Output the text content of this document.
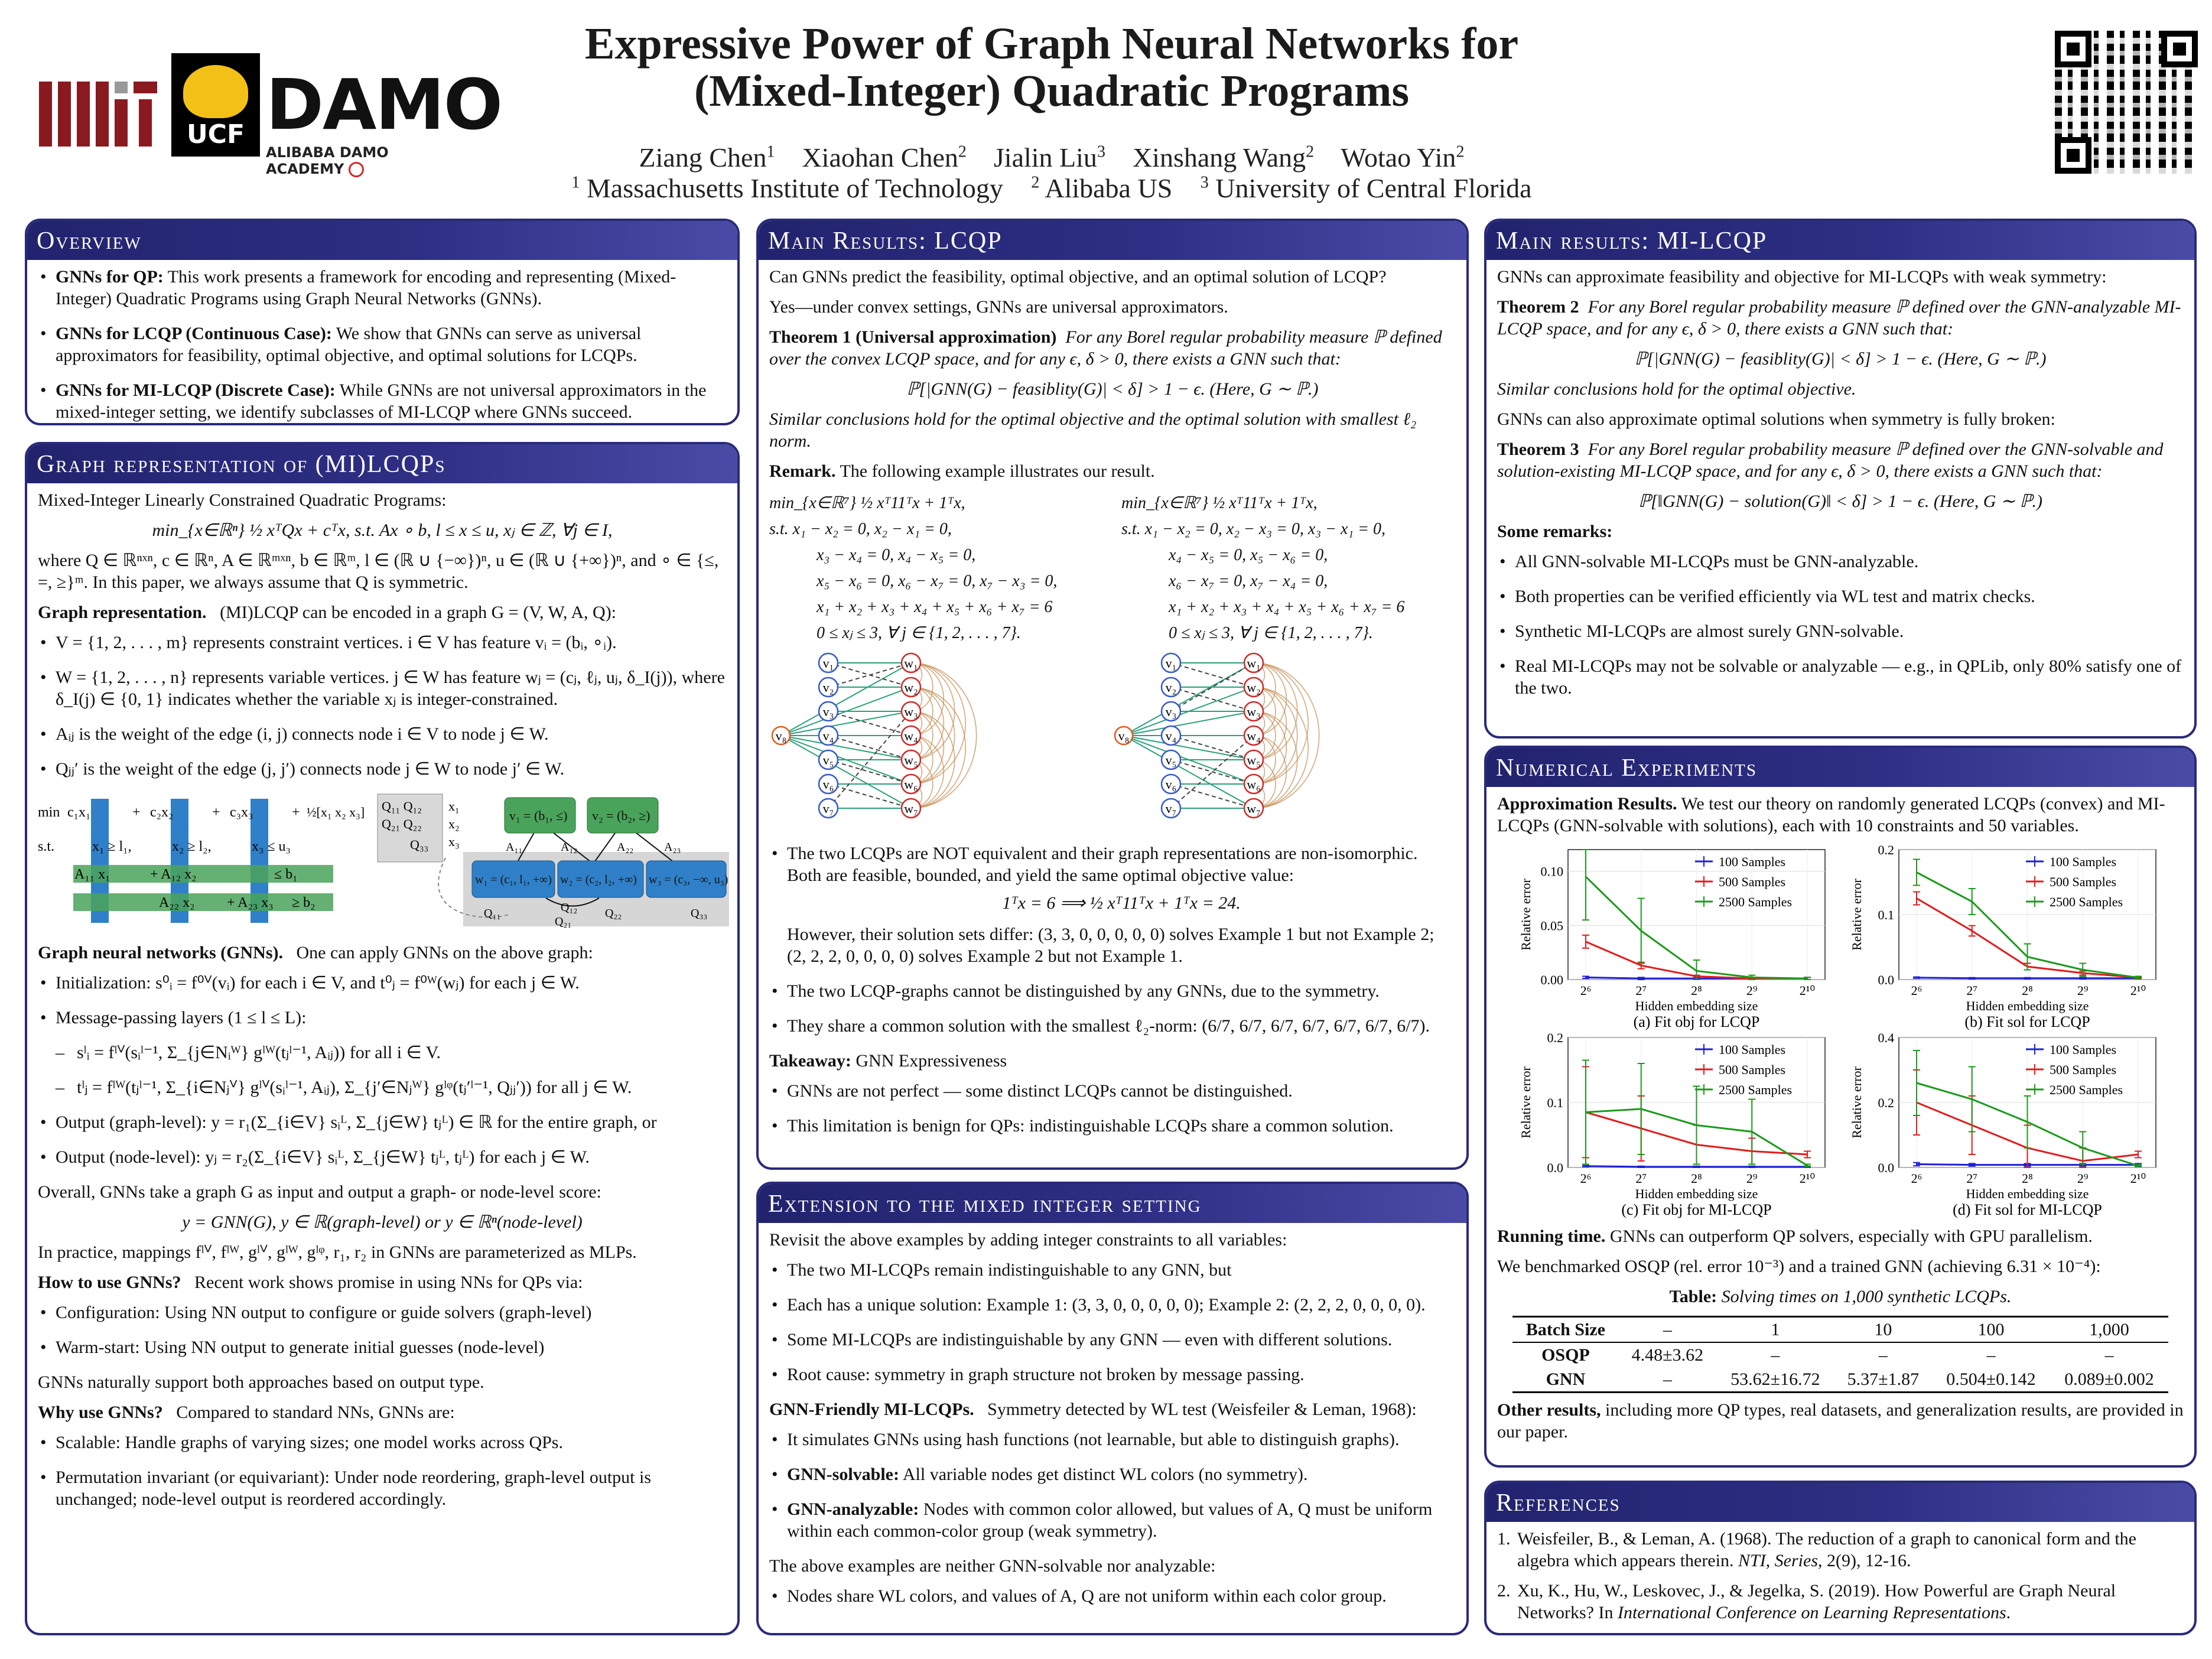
UCF DAMO
ALIBABA DAMO ACADEMY
Expressive Power of Graph Neural Networks for
(Mixed-Integer) Quadratic Programs
Ziang Chen$^1$ Xiaohan Chen$^2$ Jialin Liu$^3$ Xinshang Wang$^2$ Wotao Yin$^2$
$^1$ Massachusetts Institute of Technology $^2$ Alibaba US $^3$ University of Central Florida
Overview
• GNNs for QP: This work presents a framework for encoding and representing (Mixed-Integer) Quadratic Programs using Graph Neural Networks (GNNs).
• GNNs for LCQP (Continuous Case): We show that GNNs can serve as universal approximators for feasibility, optimal objective, and optimal solutions for LCQPs.
• GNNs for MI-LCQP (Discrete Case): While GNNs are not universal approximators in the mixed-integer setting, we identify subclasses of MI-LCQP where GNNs succeed.
Graph representation of (MI)LCQPs

Mixed-Integer Linearly Constrained Quadratic Programs:

min_{x∈ℝⁿ} ½ xᵀQx + cᵀx, s.t. Ax ∘ b, l ≤ x ≤ u, xⱼ ∈ ℤ, ∀j ∈ I,

where Q ∈ ℝⁿˣⁿ, c ∈ ℝⁿ, A ∈ ℝᵐˣⁿ, b ∈ ℝᵐ, l ∈ (ℝ ∪ {−∞})ⁿ, u ∈ (ℝ ∪ {+∞})ⁿ, and ∘ ∈ {≤, =, ≥}ᵐ. In this paper, we always assume that Q is symmetric.

Graph representation. (MI)LCQP can be encoded in a graph G = (V, W, A, Q):

• V = {1, 2, . . . , m} represents constraint vertices. i ∈ V has feature vᵢ = (bᵢ, ∘ᵢ).
• W = {1, 2, . . . , n} represents variable vertices. j ∈ W has feature wⱼ = (cⱼ, ℓⱼ, uⱼ, δ_I(j)), where δ_I(j) ∈ {0, 1} indicates whether the variable xⱼ is integer-constrained.
• Aᵢⱼ is the weight of the edge (i, j) connects node i ∈ V to node j ∈ W.
• Qⱼⱼ′ is the weight of the edge (j, j′) connects node j ∈ W to node j′ ∈ W.
min c₁x₁	+ c₂x₂	+ c₃x₃	+ ½[x₁ x₂ x₃]
s.t.	x₁ ≥ l₁,	x₂ ≥ l₂,	x₃ ≤ u₃
A₁₁ x₁	+ A₁₂ x₂	≤ b₁
A₂₂ x₂ + A₂₃ x₃ ≥ b₂
Q₁₁ Q₁₂
Q₂₁ Q₂₂
Q₃₃
x₁
x₂
x₃
v₁ = (b₁, ≤) v₂ = (b₂, ≥)
w₁ = (c₁, l₁, +∞) w₂ = (c₂, l₂, +∞) w₃ = (c₃, −∞, u₃)
A₁₁	A₁₂	A₂₂	A₂₃
Q₁₂
Q₁₁	Q₂₂
Q₂₁
Q₃₃

Graph neural networks (GNNs). One can apply GNNs on the above graph:

• Initialization: s⁰ᵢ = f⁰ⱽ(vᵢ) for each i ∈ V, and t⁰ⱼ = f⁰ᵂ(wⱼ) for each j ∈ W.
• Message-passing layers (1 ≤ l ≤ L):
– sˡᵢ = fˡⱽ(sᵢˡ⁻¹, Σ_{j∈Nᵢᵂ} gˡᵂ(tⱼˡ⁻¹, Aᵢⱼ)) for all i ∈ V.
– tˡⱼ = fˡᵂ(tⱼˡ⁻¹, Σ_{i∈Nⱼⱽ} gˡⱽ(sᵢˡ⁻¹, Aᵢⱼ), Σ_{j′∈Nⱼᵂ} gˡᵠ(tⱼ′ˡ⁻¹, Qⱼⱼ′)) for all j ∈ W.
• Output (graph-level): y = r₁(Σ_{i∈V} sᵢᴸ, Σ_{j∈W} tⱼᴸ) ∈ ℝ for the entire graph, or
• Output (node-level): yⱼ = r₂(Σ_{i∈V} sᵢᴸ, Σ_{j∈W} tⱼᴸ, tⱼᴸ) for each j ∈ W.

Overall, GNNs take a graph G as input and output a graph- or node-level score:

y = GNN(G), y ∈ ℝ(graph-level) or y ∈ ℝⁿ(node-level)

In practice, mappings fˡⱽ, fˡᵂ, gˡⱽ, gˡᵂ, gˡᵠ, r₁, r₂ in GNNs are parameterized as MLPs.

How to use GNNs? Recent work shows promise in using NNs for QPs via:

• Configuration: Using NN output to configure or guide solvers (graph-level)
• Warm-start: Using NN output to generate initial guesses (node-level)

GNNs naturally support both approaches based on output type.

Why use GNNs? Compared to standard NNs, GNNs are:

• Scalable: Handle graphs of varying sizes; one model works across QPs.
• Permutation invariant (or equivariant): Under node reordering, graph-level output is unchanged; node-level output is reordered accordingly.
Main Results: LCQP

Can GNNs predict the feasibility, optimal objective, and an optimal solution of LCQP?

Yes—under convex settings, GNNs are universal approximators.

Theorem 1 (Universal approximation) For any Borel regular probability measure ℙ defined over the convex LCQP space, and for any ϵ, δ > 0, there exists a GNN such that:

ℙ[|GNN(G) − feasiblity(G)| < δ] > 1 − ϵ. (Here, G ∼ ℙ.)

Similar conclusions hold for the optimal objective and the optimal solution with smallest ℓ₂ norm.

Remark. The following example illustrates our result.

min_{x∈ℝ⁷} ½ xᵀ11ᵀx + 1ᵀx,
s.t. x₁ − x₂ = 0, x₂ − x₁ = 0,
x₃ − x₄ = 0, x₄ − x₅ = 0,
x₅ − x₆ = 0, x₆ − x₇ = 0, x₇ − x₃ = 0,
x₁ + x₂ + x₃ + x₄ + x₅ + x₆ + x₇ = 6
0 ≤ xⱼ ≤ 3, ∀ j ∈ {1, 2, . . . , 7}.
min_{x∈ℝ⁷} ½ xᵀ11ᵀx + 1ᵀx,
s.t. x₁ − x₂ = 0, x₂ − x₃ = 0, x₃ − x₁ = 0,
x₄ − x₅ = 0, x₅ − x₆ = 0,
x₆ − x₇ = 0, x₇ − x₄ = 0,
x₁ + x₂ + x₃ + x₄ + x₅ + x₆ + x₇ = 6
0 ≤ xⱼ ≤ 3, ∀ j ∈ {1, 2, . . . , 7}.
v₈
v₁	w₁
v₂	w₂
v₃	w₃
v₄	w₄
v₅	w₅
v₆	w₆
v₇	w₇
v₈
v₁	w₁
v₂	w₂
v₃	w₃
v₄	w₄
v₅	w₅
v₆	w₆
v₇	w₇
• The two LCQPs are NOT equivalent and their graph representations are non-isomorphic. Both are feasible, bounded, and yield the same optimal objective value:
1ᵀx = 6 ⟹ ½ xᵀ11ᵀx + 1ᵀx = 24.
However, their solution sets differ: (3, 3, 0, 0, 0, 0, 0) solves Example 1 but not Example 2; (2, 2, 2, 0, 0, 0, 0) solves Example 2 but not Example 1.
• The two LCQP-graphs cannot be distinguished by any GNNs, due to the symmetry.
• They share a common solution with the smallest ℓ₂-norm: (6/7, 6/7, 6/7, 6/7, 6/7, 6/7, 6/7).

Takeaway: GNN Expressiveness

• GNNs are not perfect — some distinct LCQPs cannot be distinguished.
• This limitation is benign for QPs: indistinguishable LCQPs share a common solution.
Extension to the mixed integer setting

Revisit the above examples by adding integer constraints to all variables:

• The two MI-LCQPs remain indistinguishable to any GNN, but
• Each has a unique solution: Example 1: (3, 3, 0, 0, 0, 0, 0); Example 2: (2, 2, 2, 0, 0, 0, 0).
• Some MI-LCQPs are indistinguishable by any GNN — even with different solutions.
• Root cause: symmetry in graph structure not broken by message passing.

GNN-Friendly MI-LCQPs. Symmetry detected by WL test (Weisfeiler & Leman, 1968):

• It simulates GNNs using hash functions (not learnable, but able to distinguish graphs).
• GNN-solvable: All variable nodes get distinct WL colors (no symmetry).
• GNN-analyzable: Nodes with common color allowed, but values of A, Q must be uniform within each common-color group (weak symmetry).

The above examples are neither GNN-solvable nor analyzable:

• Nodes share WL colors, and values of A, Q are not uniform within each color group.
Main results: MI-LCQP

GNNs can approximate feasibility and objective for MI-LCQPs with weak symmetry:

Theorem 2 For any Borel regular probability measure ℙ defined over the GNN-analyzable MI-LCQP space, and for any ϵ, δ > 0, there exists a GNN such that:

ℙ[|GNN(G) − feasiblity(G)| < δ] > 1 − ϵ. (Here, G ∼ ℙ.)

Similar conclusions hold for the optimal objective.

GNNs can also approximate optimal solutions when symmetry is fully broken:

Theorem 3 For any Borel regular probability measure ℙ defined over the GNN-solvable and solution-existing MI-LCQP space, and for any ϵ, δ > 0, there exists a GNN such that:

ℙ[‖GNN(G) − solution(G)‖ < δ] > 1 − ϵ. (Here, G ∼ ℙ.)

Some remarks:

• All GNN-solvable MI-LCQPs must be GNN-analyzable.
• Both properties can be verified efficiently via WL test and matrix checks.
• Synthetic MI-LCQPs are almost surely GNN-solvable.
• Real MI-LCQPs may not be solvable or analyzable — e.g., in QPLib, only 80% satisfy one of the two.
Numerical Experiments

Approximation Results. We test our theory on randomly generated LCQPs (convex) and MI-LCQPs (GNN-solvable with solutions), each with 10 constraints and 50 variables.

0.00
0.05
0.10
2⁶	2⁷	2⁸	2⁹	2¹⁰
Relative error
Hidden embedding size
(a) Fit obj for LCQP
100 Samples
500 Samples
2500 Samples
0.0
0.1
0.2
2⁶	2⁷	2⁸	2⁹	2¹⁰
Relative error
Hidden embedding size
(b) Fit sol for LCQP
100 Samples
500 Samples
2500 Samples
0.0
0.1
0.2
2⁶	2⁷	2⁸	2⁹	2¹⁰
Relative error
Hidden embedding size
(c) Fit obj for MI-LCQP
100 Samples
500 Samples
2500 Samples
0.0
0.2
0.4
2⁶	2⁷	2⁸	2⁹	2¹⁰
Relative error
Hidden embedding size
(d) Fit sol for MI-LCQP
100 Samples
500 Samples
2500 Samples

Running time. GNNs can outperform QP solvers, especially with GPU parallelism.

We benchmarked OSQP (rel. error 10⁻³) and a trained GNN (achieving 6.31 × 10⁻⁴):

Table: Solving times on 1,000 synthetic LCQPs.

Batch Size	–	1	10	100	1,000
OSQP	4.48±3.62	–	–	–	–
GNN	–	53.62±16.72	5.37±1.87	0.504±0.142	0.089±0.002

Other results, including more QP types, real datasets, and generalization results, are provided in our paper.

References
1. Weisfeiler, B., & Leman, A. (1968). The reduction of a graph to canonical form and the algebra which appears therein. NTI, Series, 2(9), 12-16.
2. Xu, K., Hu, W., Leskovec, J., & Jegelka, S. (2019). How Powerful are Graph Neural Networks? In International Conference on Learning Representations.
